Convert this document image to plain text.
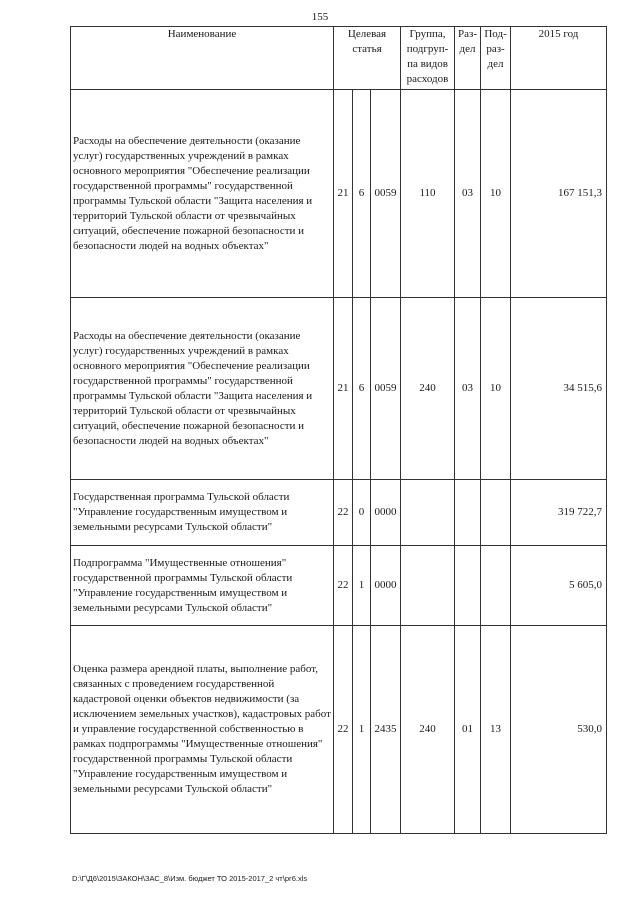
155
Наименование	Целевая статья			Группа, подгруп-па видов расходов	Раз-дел	Под-раз-дел	2015 год
Расходы на обеспечение деятельности (оказание услуг) государственных учреждений в рамках основного мероприятия "Обеспечение реализации государственной программы" государственной программы Тульской области "Защита населения и территорий Тульской области от чрезвычайных ситуаций, обеспечение пожарной безопасности и безопасности людей на водных объектах"	21	6	0059	110	03	10	167 151,3
Расходы на обеспечение деятельности (оказание услуг) государственных учреждений в рамках основного мероприятия "Обеспечение реализации государственной программы" государственной программы Тульской области "Защита населения и территорий Тульской области от чрезвычайных ситуаций, обеспечение пожарной безопасности и безопасности людей на водных объектах"	21	6	0059	240	03	10	34 515,6
Государственная программа Тульской области "Управление государственным имуществом и земельными ресурсами Тульской области"	22	0	0000				319 722,7
Подпрограмма "Имущественные отношения" государственной программы Тульской области "Управление государственным имуществом и земельными ресурсами Тульской области"	22	1	0000				5 605,0
Оценка размера арендной платы, выполнение работ, связанных с проведением государственной кадастровой оценки объектов недвижимости (за исключением земельных участков), кадастровых работ и управление государственной собственностью в рамках подпрограммы "Имущественные отношения" государственной программы Тульской области "Управление государственным имуществом и земельными ресурсами Тульской области"	22	1	2435	240	01	13	530,0
D:\Г\Д6\2015\ЗАКОН\ЗАС_8\Изм. бюджет ТО 2015-2017_2 чт\рг6.xls
